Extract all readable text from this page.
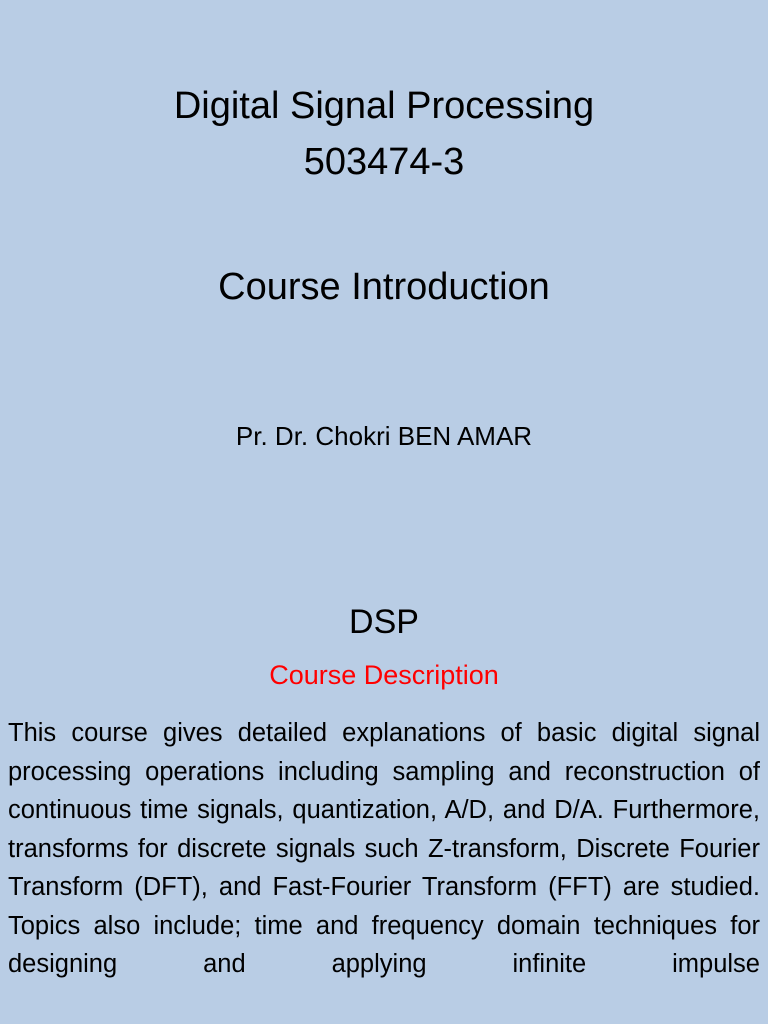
Digital Signal Processing
503474-3
Course Introduction
Pr. Dr. Chokri BEN AMAR
DSP
Course Description

This course gives detailed explanations of basic digital signal processing operations including sampling and reconstruction of continuous time signals, quantization, A/D, and D/A. Furthermore, transforms for discrete signals such Z-transform, Discrete Fourier Transform (DFT), and Fast-Fourier Transform (FFT) are studied. Topics also include; time and frequency domain techniques for designing and applying infinite impulse
